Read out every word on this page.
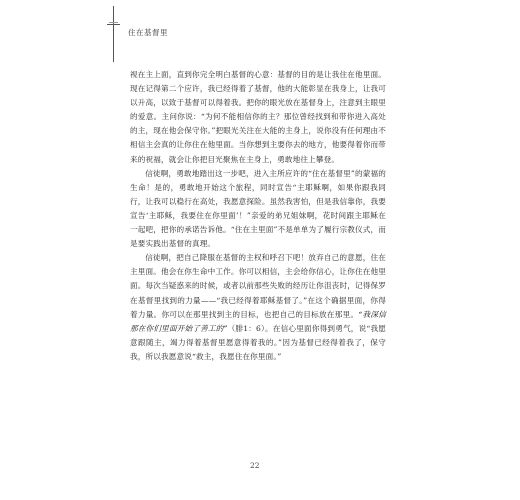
住在基督里

视在主上面，直到你完全明白基督的心意：基督的目的是让我住在他里面。现在记得第二个应许，我已经得着了基督，他的大能彰显在我身上，让我可以升高，以致于基督可以得着我。把你的眼光放在基督身上，注意到主眼里的爱意。主问你说：“为何不能相信你的主？那位曾经找到和带你进入高处的主，现在他会保守你。”把眼光关注在大能的主身上，说你没有任何理由不相信主会真的让你住在他里面。当你想到主要你去的地方，他要得着你而带来的祝福，就会让你把目光聚焦在主身上，勇敢地往上攀登。

信徒啊，勇敢地踏出这一步吧，进入主所应许的“住在基督里”的蒙福的生命！是的，勇敢地开始这个旅程，同时宣告“主耶稣啊，如果你跟我同行，让我可以稳行在高处，我愿意探险。虽然我害怕，但是我信靠你，我要宣告‘主耶稣，我要住在你里面’！”亲爱的弟兄姐妹啊，花时间跟主耶稣在一起吧，把你的承诺告诉他。“住在主里面”不是单单为了履行宗教仪式，而是要实践出基督的真理。

信徒啊，把自己降服在基督的主权和呼召下吧！放弃自己的意愿，住在主里面。他会在你生命中工作。你可以相信，主会给你信心，让你住在他里面。每次当疑惑来的时候，或者以前那些失败的经历让你沮丧时，记得保罗在基督里找到的力量——“我已经得着耶稣基督了。”在这个确据里面，你得着力量。你可以在那里找到主的目标，也把自己的目标放在那里。“我深信那在你们里面开始了善工的”（腓1：6）。在信心里面你得到勇气，说“我愿意跟随主，竭力得着基督里愿意得着我的。”因为基督已经得着我了，保守我，所以我愿意说“救主，我愿住在你里面。”

22
